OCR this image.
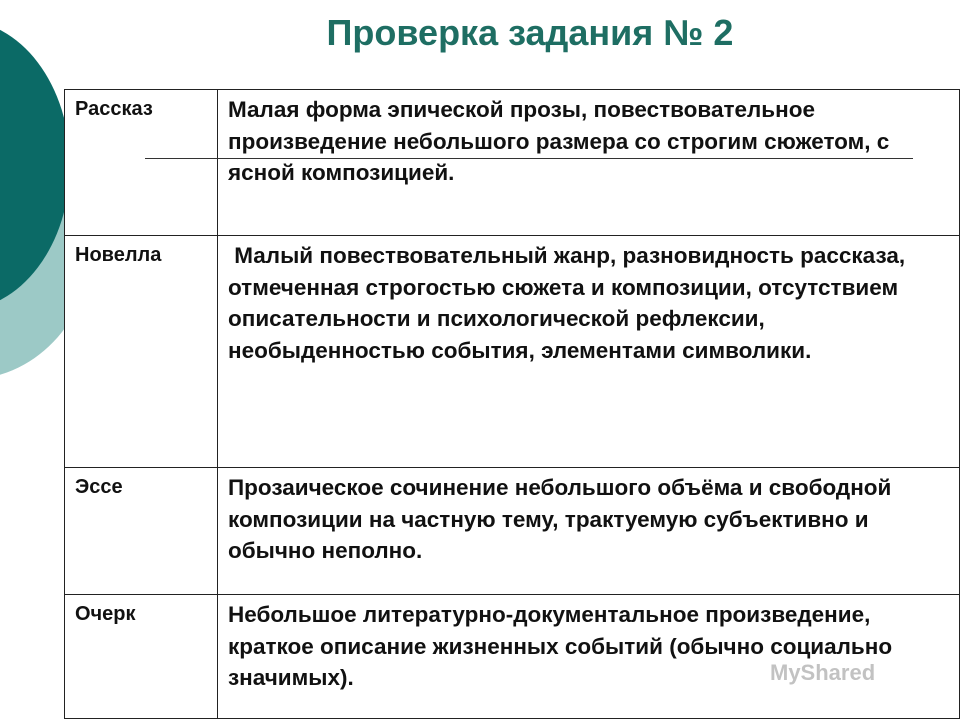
Проверка задания № 2
Рассказ	Малая форма эпической прозы, повествовательное произведение небольшого размера со строгим сюжетом, с ясной композицией.
Новелла	Малый повествовательный жанр, разновидность рассказа, отмеченная строгостью сюжета и композиции, отсутствием описательности и психологической рефлексии, необыденностью события, элементами символики.
Эссе	Прозаическое сочинение небольшого объёма и свободной композиции на частную тему, трактуемую субъективно и обычно неполно.
Очерк	Небольшое литературно-документальное произведение, краткое описание жизненных событий (обычно социально значимых).	MyShared
